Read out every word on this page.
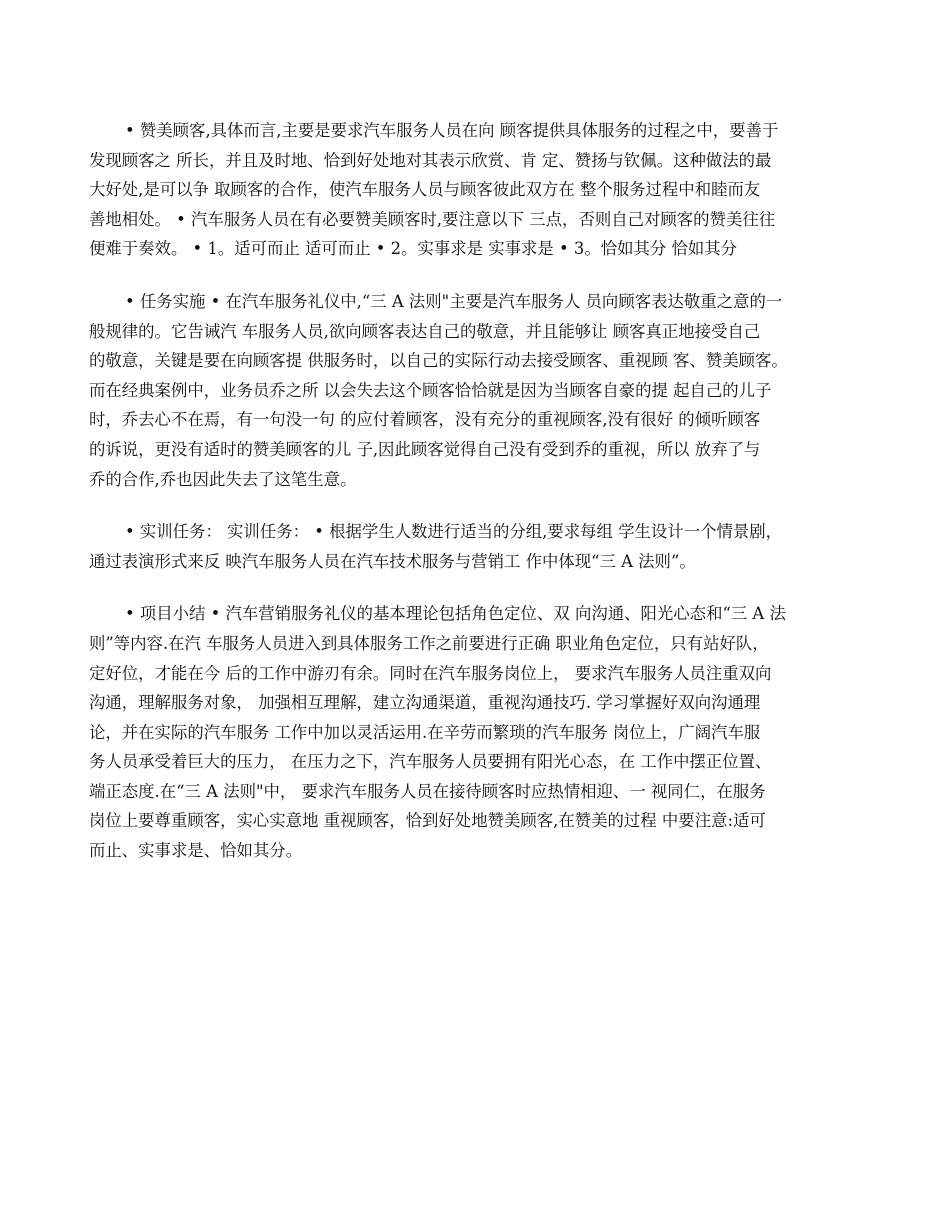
• 赞美顾客,具体而言,主要是要求汽车服务人员在向 顾客提供具体服务的过程之中，要善于
发现顾客之 所长，并且及时地、恰到好处地对其表示欣赏、肯 定、赞扬与钦佩。这种做法的最
大好处,是可以争 取顾客的合作，使汽车服务人员与顾客彼此双方在 整个服务过程中和睦而友
善地相处。 • 汽车服务人员在有必要赞美顾客时,要注意以下 三点，否则自己对顾客的赞美往往
便难于奏效。 • 1。适可而止 适可而止 • 2。实事求是 实事求是 • 3。恰如其分 恰如其分
• 任务实施 • 在汽车服务礼仪中,“三 A 法则"主要是汽车服务人 员向顾客表达敬重之意的一
般规律的。它告诫汽 车服务人员,欲向顾客表达自己的敬意，并且能够让 顾客真正地接受自己
的敬意，关键是要在向顾客提 供服务时，以自己的实际行动去接受顾客、重视顾 客、赞美顾客。
而在经典案例中，业务员乔之所 以会失去这个顾客恰恰就是因为当顾客自豪的提 起自己的儿子
时，乔去心不在焉，有一句没一句 的应付着顾客，没有充分的重视顾客,没有很好 的倾听顾客
的诉说，更没有适时的赞美顾客的儿 子,因此顾客觉得自己没有受到乔的重视，所以 放弃了与
乔的合作,乔也因此失去了这笔生意。
• 实训任务： 实训任务： • 根据学生人数进行适当的分组,要求每组 学生设计一个情景剧，
通过表演形式来反 映汽车服务人员在汽车技术服务与营销工 作中体现“三 A 法则”。
• 项目小结 • 汽车营销服务礼仪的基本理论包括角色定位、双 向沟通、阳光心态和“三 A 法
则”等内容.在汽 车服务人员进入到具体服务工作之前要进行正确 职业角色定位，只有站好队，
定好位，才能在今 后的工作中游刃有余。同时在汽车服务岗位上， 要求汽车服务人员注重双向
沟通，理解服务对象， 加强相互理解，建立沟通渠道，重视沟通技巧. 学习掌握好双向沟通理
论，并在实际的汽车服务 工作中加以灵活运用.在辛劳而繁琐的汽车服务 岗位上，广阔汽车服
务人员承受着巨大的压力， 在压力之下，汽车服务人员要拥有阳光心态，在 工作中摆正位置、
端正态度.在“三 A 法则"中， 要求汽车服务人员在接待顾客时应热情相迎、一 视同仁，在服务
岗位上要尊重顾客，实心实意地 重视顾客，恰到好处地赞美顾客,在赞美的过程 中要注意:适可
而止、实事求是、恰如其分。
